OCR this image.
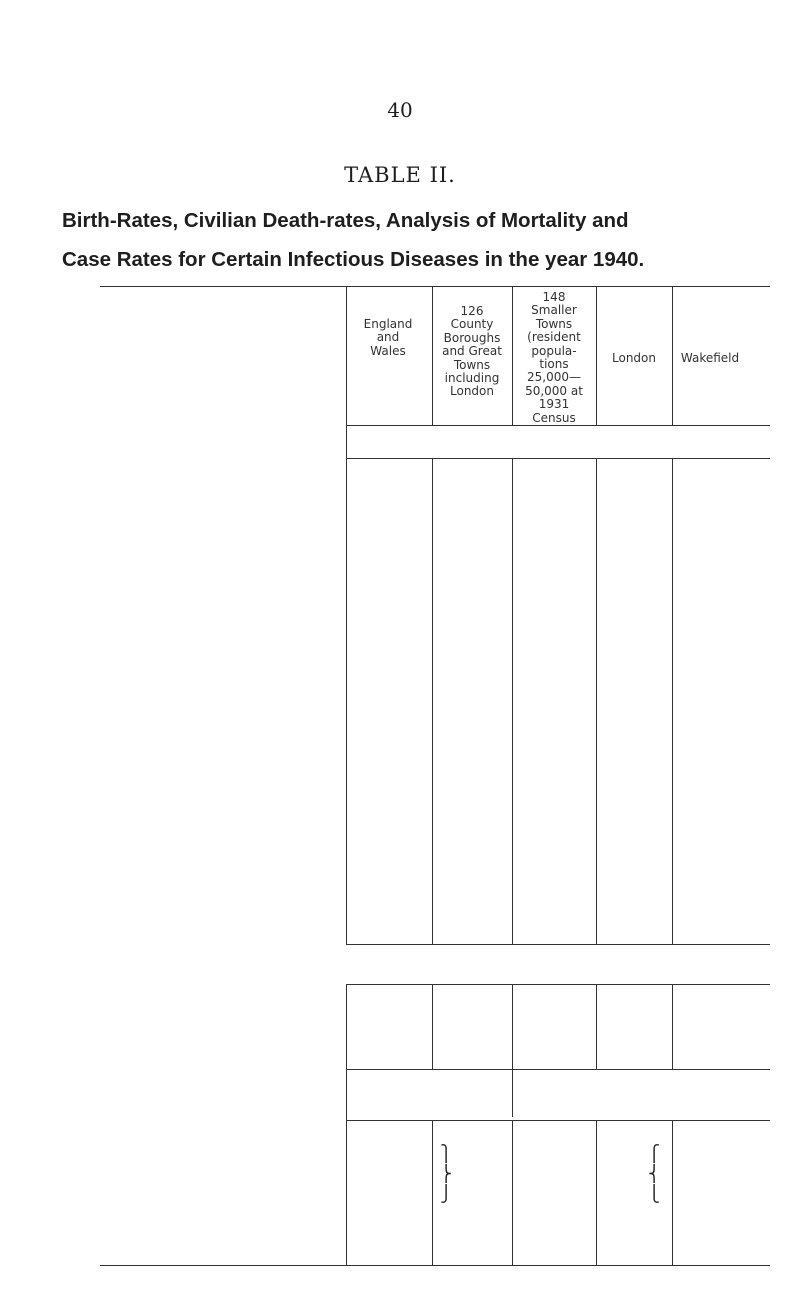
40
TABLE II.
Birth-Rates, Civilian Death-rates, Analysis of Mortality and
Case Rates for Certain Infectious Diseases in the year 1940.
England
and
Wales
126
County
Boroughs
and Great
Towns
including
London
148
Smaller
Towns
(resident
popula-
tions
25,000—
50,000 at
1931
Census
London	Wakefield
⎫
⎬
⎭
⎧
⎨
⎩
